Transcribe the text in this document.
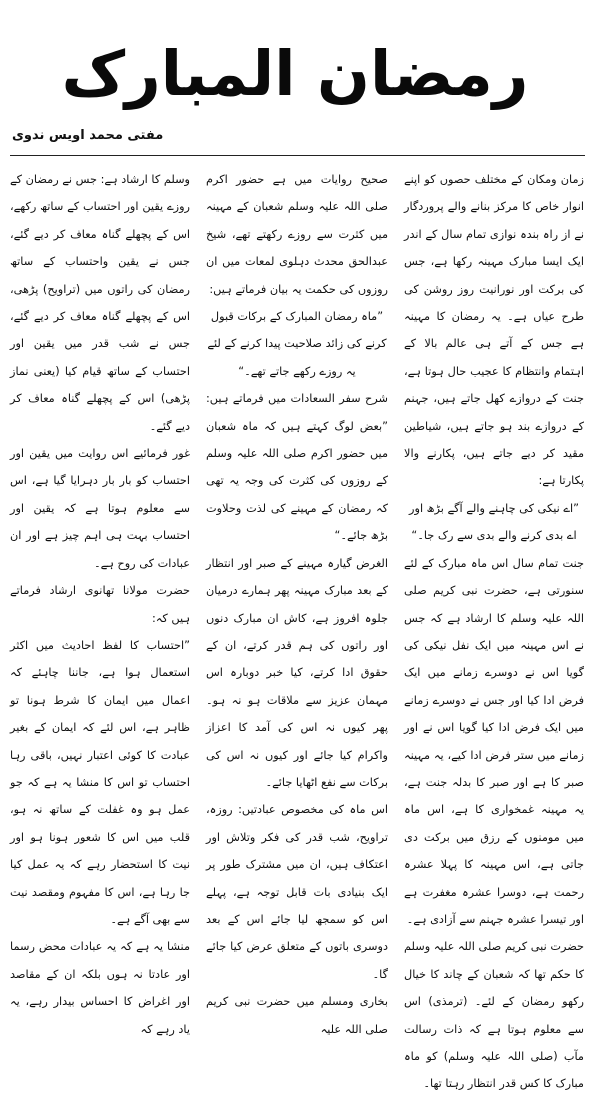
رمضان المبارک
مفتی محمد اویس ندوی

زمان ومکان کے مختلف حصوں کو اپنے انوار خاص کا مرکز بنانے والے پروردگار نے از راہ بندہ نوازی تمام سال کے اندر ایک ایسا مبارک مہینہ رکھا ہے، جس کی برکت اور نورانیت روز روشن کی طرح عیاں ہے۔ یہ رمضان کا مہینہ ہے جس کے آتے ہی عالم بالا کے اہتمام وانتظام کا عجیب حال ہوتا ہے، جنت کے دروازے کھل جاتے ہیں، جہنم کے دروازے بند ہو جاتے ہیں، شیاطین مقید کر دیے جاتے ہیں، پکارنے والا پکارتا ہے:

”اے نیکی کی چاہنے والے آگے بڑھ اور اے بدی کرنے والے بدی سے رک جا۔“

جنت تمام سال اس ماہ مبارک کے لئے سنورتی ہے، حضرت نبی کریم صلی اللہ علیہ وسلم کا ارشاد ہے کہ جس نے اس مہینہ میں ایک نفل نیکی کی گویا اس نے دوسرے زمانے میں ایک فرض ادا کیا اور جس نے دوسرے زمانے میں ایک فرض ادا کیا گویا اس نے اور زمانے میں ستر فرض ادا کیے، یہ مہینہ صبر کا ہے اور صبر کا بدلہ جنت ہے، یہ مہینہ غمخواری کا ہے، اس ماہ میں مومنوں کے رزق میں برکت دی جاتی ہے، اس مہینہ کا پہلا عشرہ رحمت ہے، دوسرا عشرہ مغفرت ہے اور تیسرا عشرہ جہنم سے آزادی ہے۔

حضرت نبی کریم صلی اللہ علیہ وسلم کا حکم تھا کہ شعبان کے چاند کا خیال رکھو رمضان کے لئے۔ (ترمذی) اس سے معلوم ہوتا ہے کہ ذات رسالت مآب (صلی اللہ علیہ وسلم) کو ماہ مبارک کا کس قدر انتظار رہتا تھا۔

صحیح روایات میں ہے حضور اکرم صلی اللہ علیہ وسلم شعبان کے مہینہ میں کثرت سے روزے رکھتے تھے، شیخ عبدالحق محدث دہلوی لمعات میں ان روزوں کی حکمت یہ بیان فرماتے ہیں:

”ماہ رمضان المبارک کے برکات قبول کرنے کی زائد صلاحیت پیدا کرنے کے لئے یہ روزے رکھے جاتے تھے۔“

شرح سفر السعادات میں فرماتے ہیں: ”بعض لوگ کہتے ہیں کہ ماہ شعبان میں حضور اکرم صلی اللہ علیہ وسلم کے روزوں کی کثرت کی وجہ یہ تھی کہ رمضان کے مہینے کی لذت وحلاوت بڑھ جائے۔“

الغرض گیارہ مہینے کے صبر اور انتظار کے بعد مبارک مہینہ پھر ہمارے درمیان جلوہ افروز ہے، کاش ان مبارک دنوں اور راتوں کی ہم قدر کرتے، ان کے حقوق ادا کرتے، کیا خبر دوبارہ اس مہمان عزیز سے ملاقات ہو نہ ہو۔ پھر کیوں نہ اس کی آمد کا اعزاز واکرام کیا جائے اور کیوں نہ اس کی برکات سے نفع اٹھایا جائے۔

اس ماہ کی مخصوص عبادتیں: روزہ، تراویح، شب قدر کی فکر وتلاش اور اعتکاف ہیں، ان میں مشترک طور پر ایک بنیادی بات قابل توجہ ہے، پہلے اس کو سمجھ لیا جائے اس کے بعد دوسری باتوں کے متعلق عرض کیا جائے گا۔

بخاری ومسلم میں حضرت نبی کریم صلی اللہ علیہ

وسلم کا ارشاد ہے: جس نے رمضان کے روزے یقین اور احتساب کے ساتھ رکھے، اس کے پچھلے گناہ معاف کر دیے گئے، جس نے یقین واحتساب کے ساتھ رمضان کی راتوں میں (تراویح) پڑھی، اس کے پچھلے گناہ معاف کر دیے گئے، جس نے شب قدر میں یقین اور احتساب کے ساتھ قیام کیا (یعنی نماز پڑھی) اس کے پچھلے گناہ معاف کر دیے گئے۔

غور فرمائیے اس روایت میں یقین اور احتساب کو بار بار دہرایا گیا ہے، اس سے معلوم ہوتا ہے کہ یقین اور احتساب بہت ہی اہم چیز ہے اور ان عبادات کی روح ہے۔

حضرت مولانا تھانوی ارشاد فرماتے ہیں کہ:

”احتساب کا لفظ احادیث میں اکثر استعمال ہوا ہے، جاننا چاہئے کہ اعمال میں ایمان کا شرط ہونا تو ظاہر ہے، اس لئے کہ ایمان کے بغیر عبادت کا کوئی اعتبار نہیں، باقی رہا احتساب تو اس کا منشا یہ ہے کہ جو عمل ہو وہ غفلت کے ساتھ نہ ہو، قلب میں اس کا شعور ہونا ہو اور نیت کا استحضار رہے کہ یہ عمل کیا جا رہا ہے، اس کا مفہوم ومقصد نیت سے بھی آگے ہے۔

منشا یہ ہے کہ یہ عبادات محض رسما اور عادتا نہ ہوں بلکہ ان کے مقاصد اور اغراض کا احساس بیدار رہے، یہ یاد رہے کہ
